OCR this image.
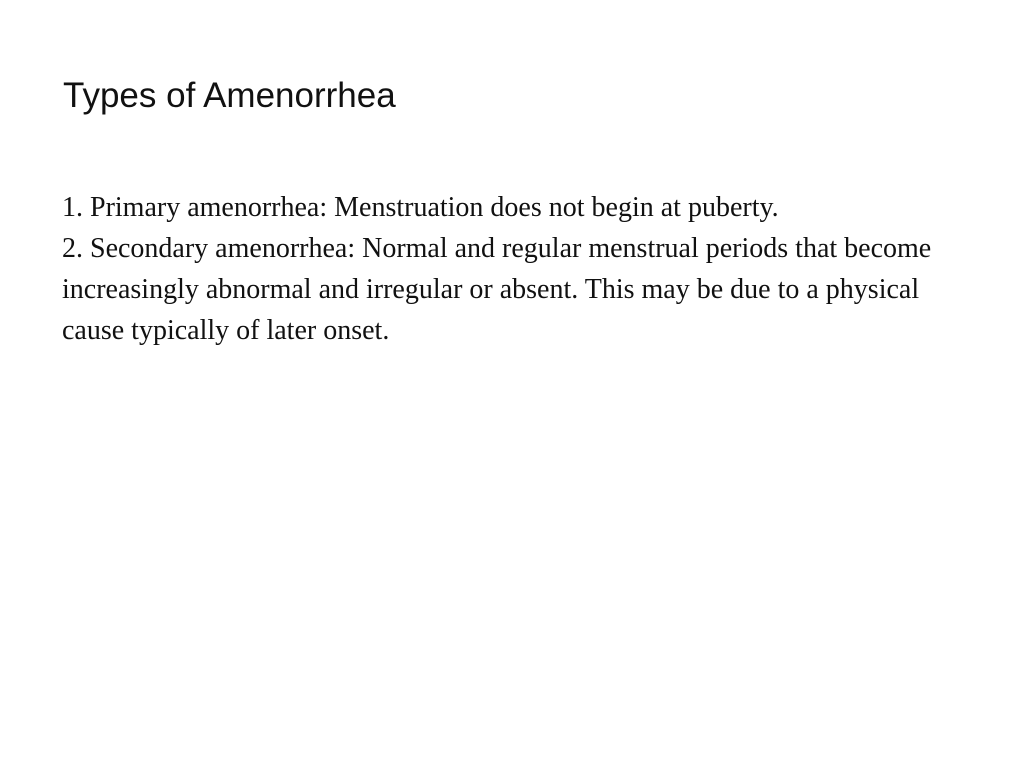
Types of Amenorrhea

1. Primary amenorrhea: Menstruation does not begin at puberty.

2. Secondary amenorrhea: Normal and regular menstrual periods that become increasingly abnormal and irregular or absent. This may be due to a physical cause typically of later onset.
